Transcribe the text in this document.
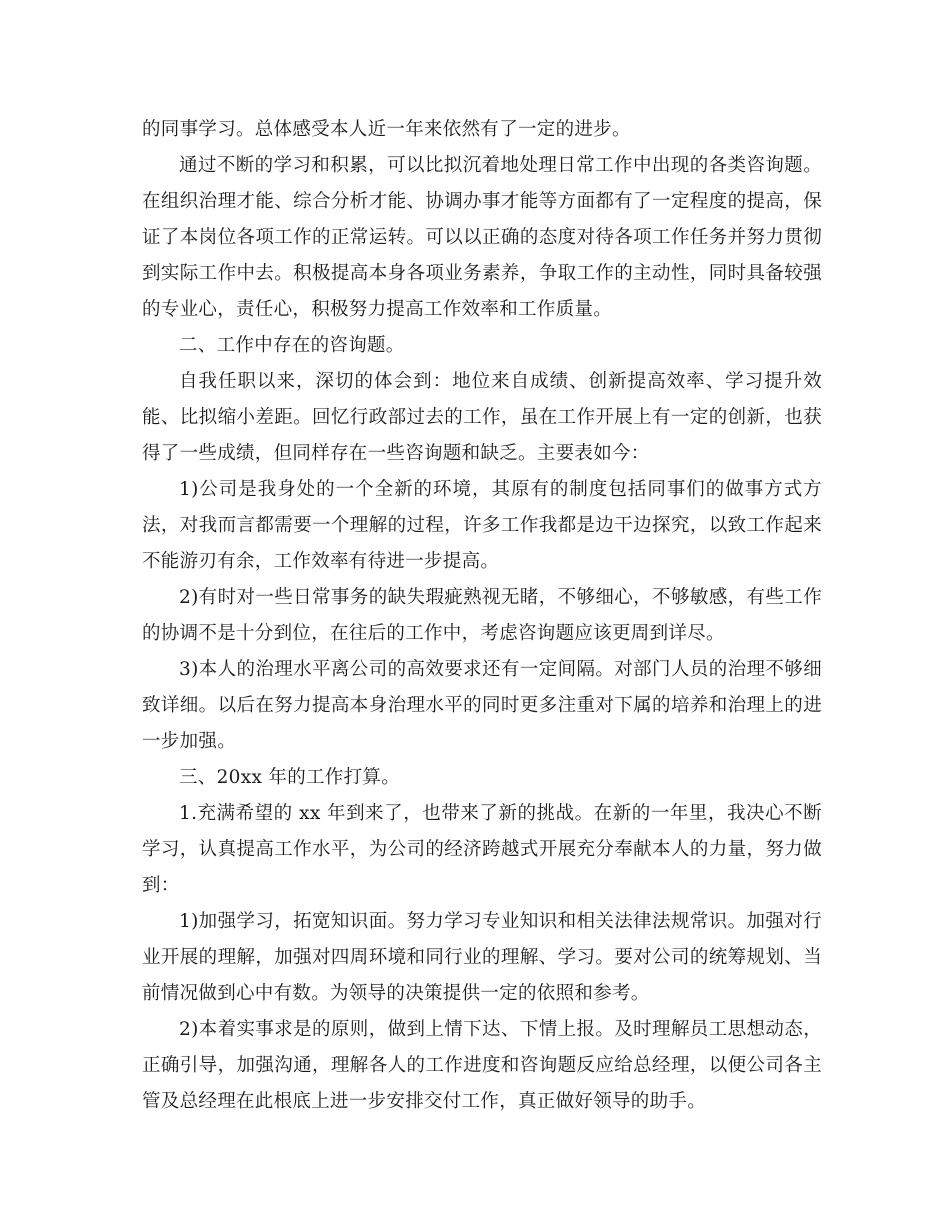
的同事学习。总体感受本人近一年来依然有了一定的进步。

通过不断的学习和积累，可以比拟沉着地处理日常工作中出现的各类咨询题。在组织治理才能、综合分析才能、协调办事才能等方面都有了一定程度的提高，保证了本岗位各项工作的正常运转。可以以正确的态度对待各项工作任务并努力贯彻到实际工作中去。积极提高本身各项业务素养，争取工作的主动性，同时具备较强的专业心，责任心，积极努力提高工作效率和工作质量。

二、工作中存在的咨询题。

自我任职以来，深切的体会到：地位来自成绩、创新提高效率、学习提升效能、比拟缩小差距。回忆行政部过去的工作，虽在工作开展上有一定的创新，也获得了一些成绩，但同样存在一些咨询题和缺乏。主要表如今：

1)公司是我身处的一个全新的环境，其原有的制度包括同事们的做事方式方法，对我而言都需要一个理解的过程，许多工作我都是边干边探究，以致工作起来不能游刃有余，工作效率有待进一步提高。

2)有时对一些日常事务的缺失瑕疵熟视无睹，不够细心，不够敏感，有些工作的协调不是十分到位，在往后的工作中，考虑咨询题应该更周到详尽。

3)本人的治理水平离公司的高效要求还有一定间隔。对部门人员的治理不够细致详细。以后在努力提高本身治理水平的同时更多注重对下属的培养和治理上的进一步加强。

三、20xx 年的工作打算。

1.充满希望的 xx 年到来了，也带来了新的挑战。在新的一年里，我决心不断学习，认真提高工作水平，为公司的经济跨越式开展充分奉献本人的力量，努力做到：

1)加强学习，拓宽知识面。努力学习专业知识和相关法律法规常识。加强对行业开展的理解，加强对四周环境和同行业的理解、学习。要对公司的统筹规划、当前情况做到心中有数。为领导的决策提供一定的依照和参考。

2)本着实事求是的原则，做到上情下达、下情上报。及时理解员工思想动态，正确引导，加强沟通，理解各人的工作进度和咨询题反应给总经理，以便公司各主管及总经理在此根底上进一步安排交付工作，真正做好领导的助手。
